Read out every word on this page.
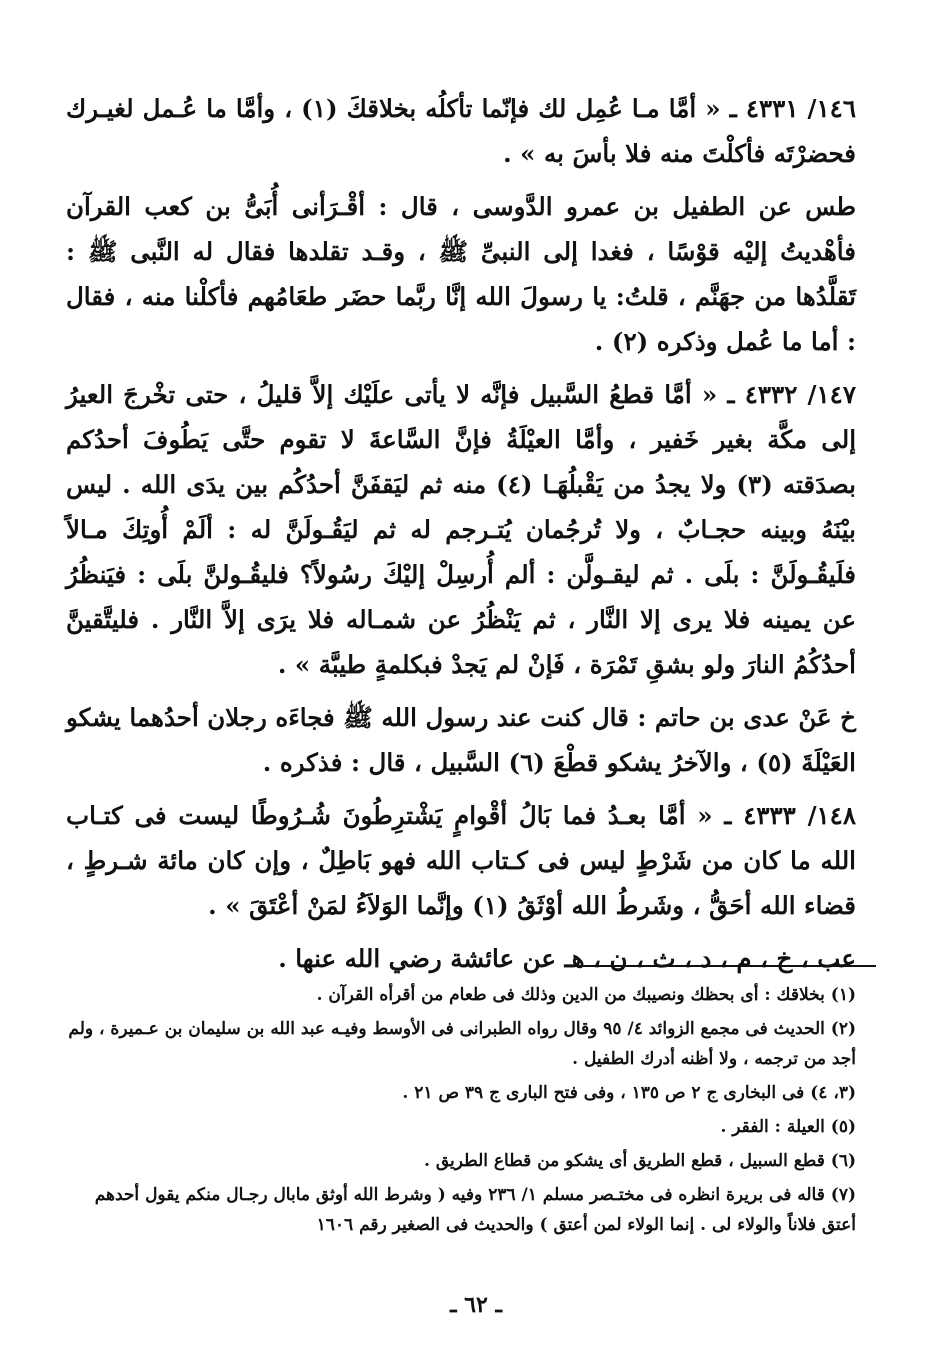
١٤٦/ ٤٣٣١ ـ « أمَّا مـا عُمِل لك فإنّما تأكلُه بخلاقكَ (١) ، وأمَّا ما عُـمل لغيـرك فحضرْتَه فأكلْتَ منه فلا بأسَ به » .

طس عن الطفيل بن عمرو الدَّوسى ، قال : أقْـرَأنى أُبَىُّ بن كعب القرآن فأهْديتُ إليْه قوْسًا ، فغدا إلى النبىِّ ﷺ ، وقـد تقلدها فقال له النَّبى ﷺ : تَقلَّدُها من جهَنَّم ، قلتُ: يا رسولَ الله إنَّا ربَّما حضَر طعَامُهم فأكلْنا منه ، فقال : أما ما عُمل وذكره (٢) .

١٤٧/ ٤٣٣٢ ـ « أمَّا قطعُ السَّبيل فإنَّه لا يأتى علَيْك إلاَّ قليلُ ، حتى تخْرجَ العيرُ إلى مكَّة بغير خَفير ، وأمَّا العيْلَةُ فإنَّ السَّاعةَ لا تقوم حتَّى يَطُوفَ أحدُكم بصدَقته (٣) ولا يجدُ من يَقْبلُهَـا (٤) منه ثم ليَقفَنَّ أحدُكُم بين يدَى الله . ليس بيْنَهُ وبينه حجـابٌ ، ولا تُرجُمان يُتـرجم له ثم ليَقُـولَنَّ له : ألَمْ أُوتِكَ مـالاً فلَيقُـولَنَّ : بلَى . ثم ليقـولَّن : ألم أُرسِلْ إليْكَ رسُولاً؟ فليقُـولنَّ بلَى : فيَنظُرُ عن يمينه فلا يرى إلا النَّار ، ثم يَنْظُرُ عن شمـاله فلا يرَى إلاَّ النَّار . فليتَّقينَّ أحدُكُمُ النارَ ولو بشقِ تَمْرَة ، فَإنْ لم يَجدْ فبكلمةٍ طيبَّة » .

خ عَنْ عدى بن حاتم : قال كنت عند رسول الله ﷺ فجاءَه رجلان أحدُهما يشكو العَيْلَةَ (٥) ، والآخرُ يشكو قطْعَ (٦) السَّبيل ، قال : فذكره .

١٤٨/ ٤٣٣٣ ـ « أمَّا بعـدُ فما بَالُ أقْوامٍ يَشْترِطُونَ شُـرُوطًا ليست فى كتـاب الله ما كان من شَرْطٍ ليس فى كـتاب الله فهو بَاطِلٌ ، وإن كان مائة شـرطٍ ، قضاء الله أحَقُّ ، وشَرطُ الله أوْثَقُ (١) وإنَّما الوَلاَءُ لمَنْ أعْتَقَ » .

عب ، خ ، م ، د ، ث ، ن ، هـ عن عائشة رضي الله عنها .

(١) بخلاقك : أى بحظك ونصيبك من الدين وذلك فى طعام من أقرأه القرآن .

(٢) الحديث فى مجمع الزوائد ٤/ ٩٥ وقال رواه الطبرانى فى الأوسط وفيـه عبد الله بن سليمان بن عـميرة ، ولم أجد من ترجمه ، ولا أظنه أدرك الطفيل .

(٣، ٤) فى البخارى ج ٢ ص ١٣٥ ، وفى فتح البارى ج ٣٩ ص ٢١ .

(٥) العيلة : الفقر .

(٦) قطع السبيل ، قطع الطريق أى يشكو من قطاع الطريق .

(٧) قاله فى بريرة انظره فى مختـصر مسلم ١/ ٢٣٦ وفيه ( وشرط الله أوثق مابال رجـال منكم يقول أحدهم أعتق فلاناً والولاء لى . إنما الولاء لمن أعتق ) والحديث فى الصغير رقم ١٦٠٦

ـ ٦٢ ـ
